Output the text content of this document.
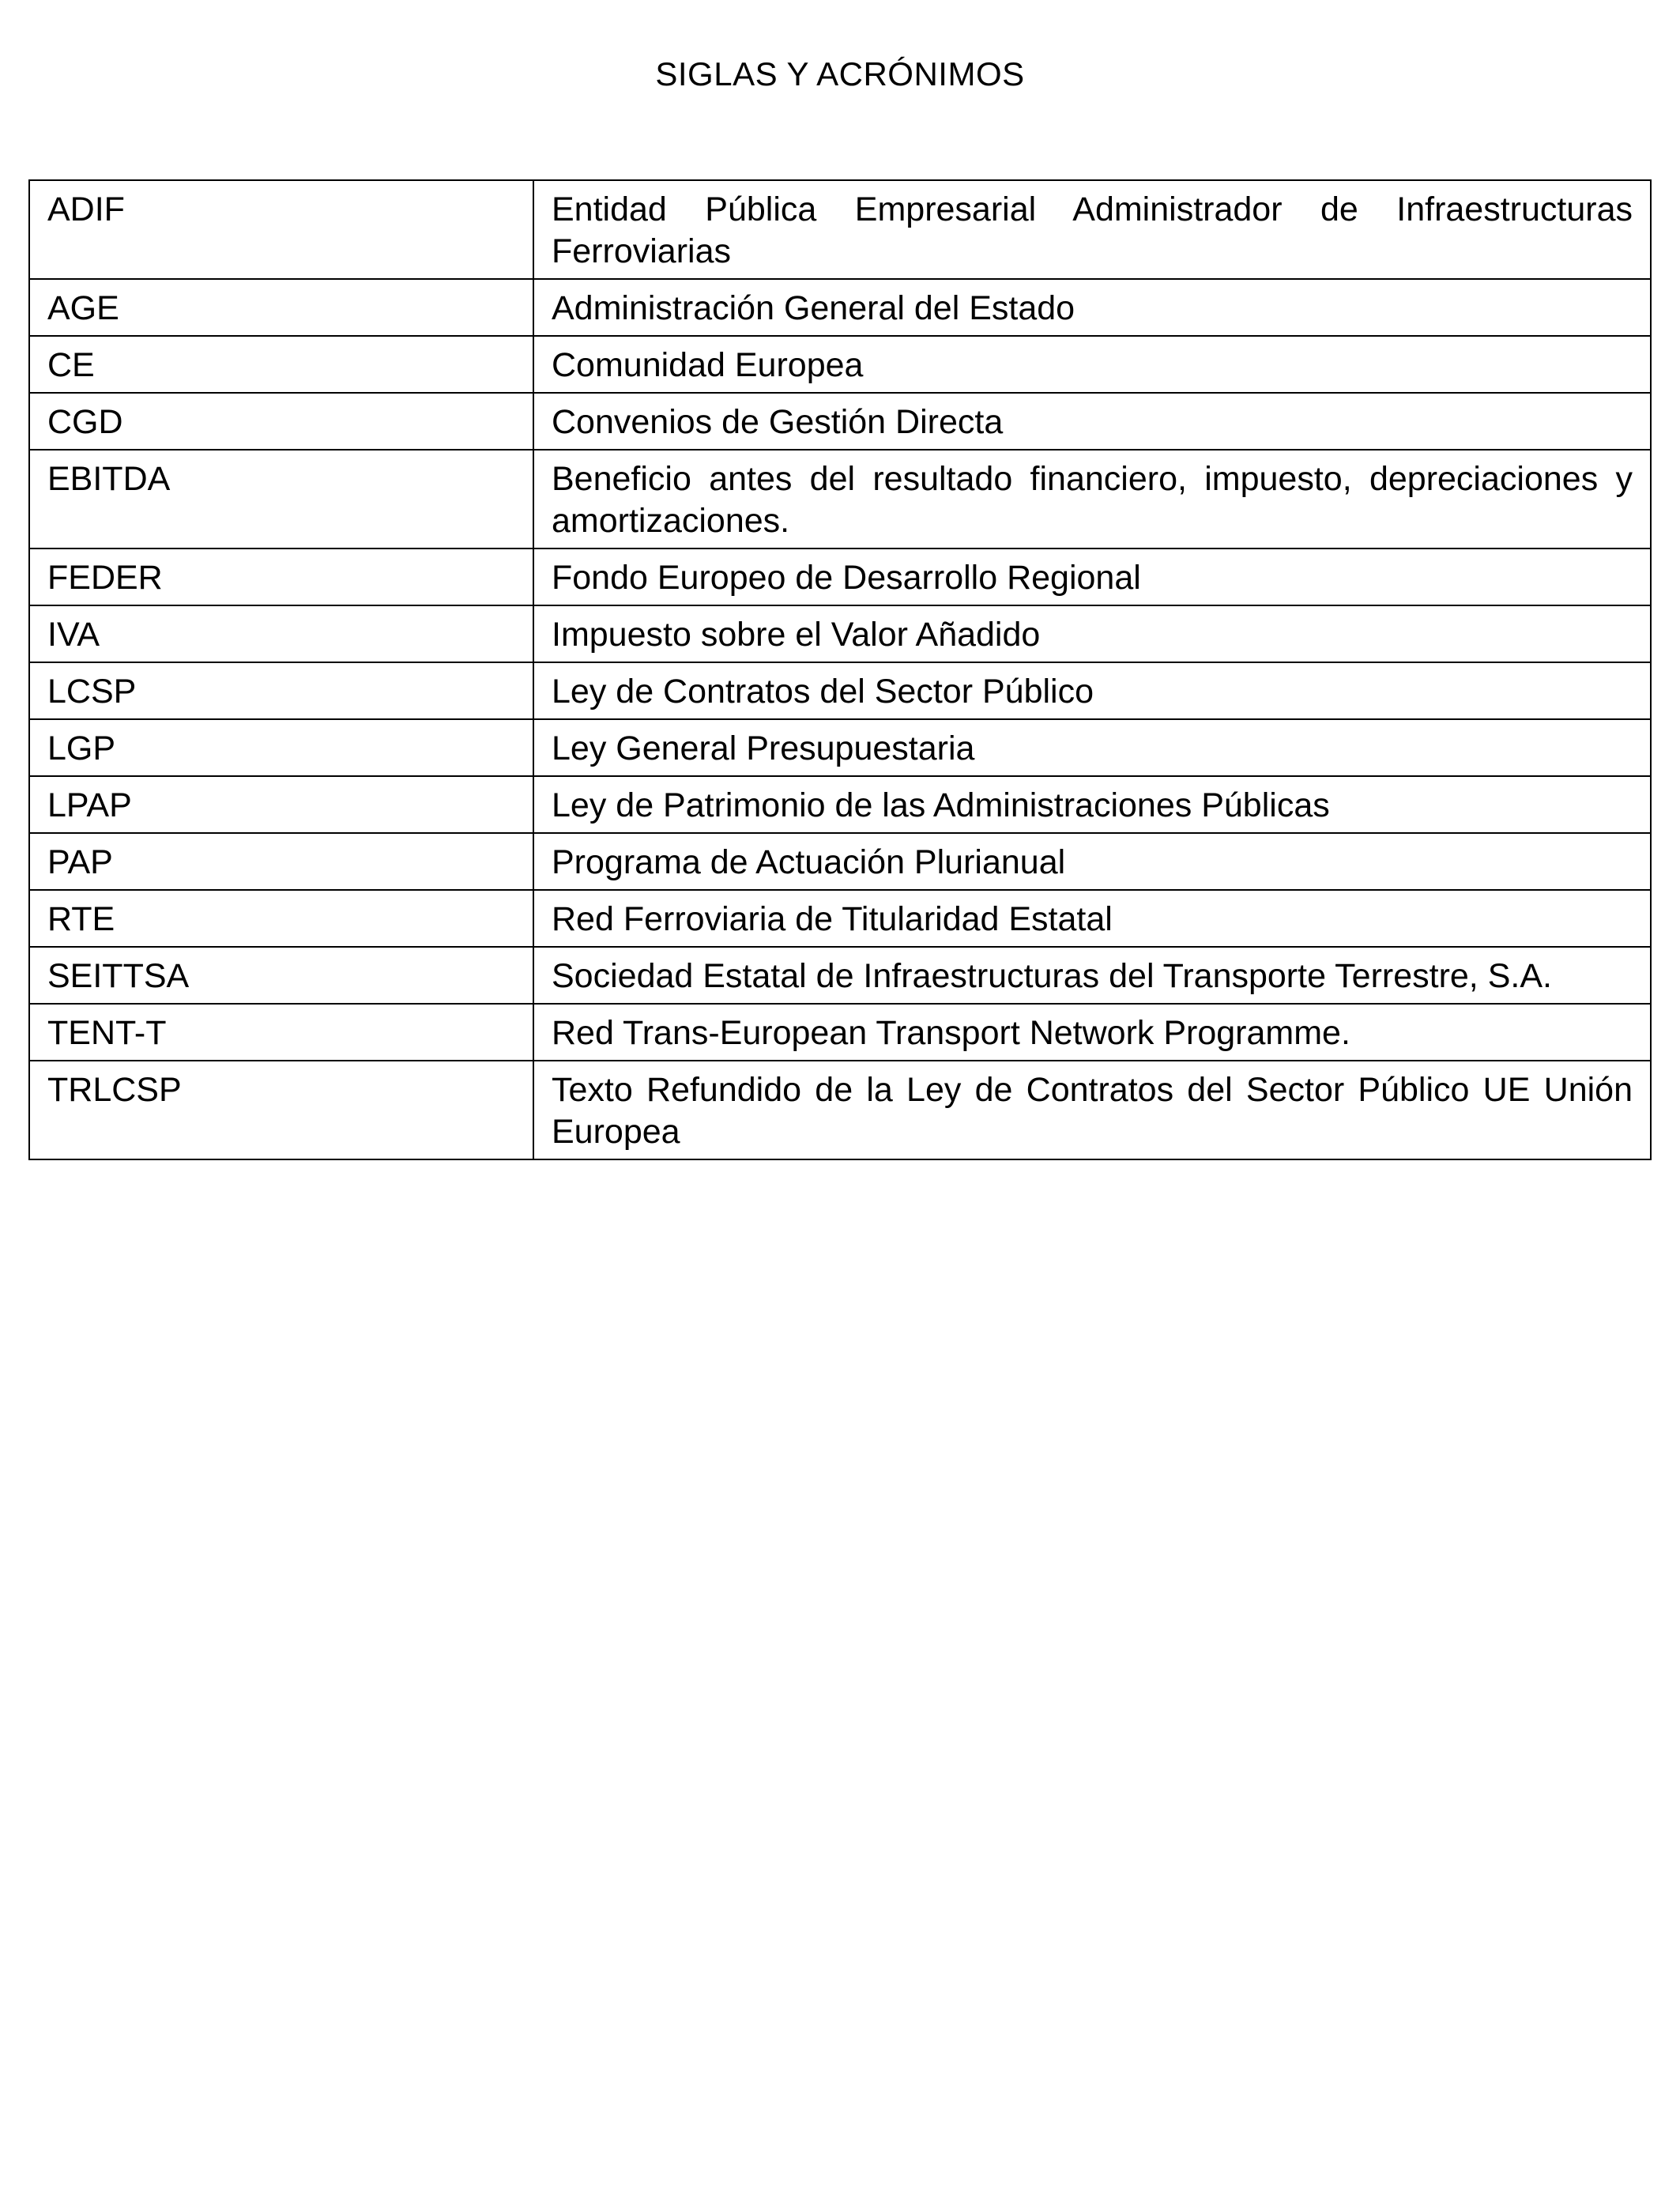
SIGLAS Y ACRÓNIMOS
ADIF	Entidad Pública Empresarial Administrador de Infraestructuras Ferroviarias
AGE	Administración General del Estado
CE	Comunidad Europea
CGD	Convenios de Gestión Directa
EBITDA	Beneficio antes del resultado financiero, impuesto, depreciaciones y amortizaciones.
FEDER	Fondo Europeo de Desarrollo Regional
IVA	Impuesto sobre el Valor Añadido
LCSP	Ley de Contratos del Sector Público
LGP	Ley General Presupuestaria
LPAP	Ley de Patrimonio de las Administraciones Públicas
PAP	Programa de Actuación Plurianual
RTE	Red Ferroviaria de Titularidad Estatal
SEITTSA	Sociedad Estatal de Infraestructuras del Transporte Terrestre, S.A.
TENT-T	Red Trans-European Transport Network Programme.
TRLCSP	Texto Refundido de la Ley de Contratos del Sector Público UE Unión Europea
